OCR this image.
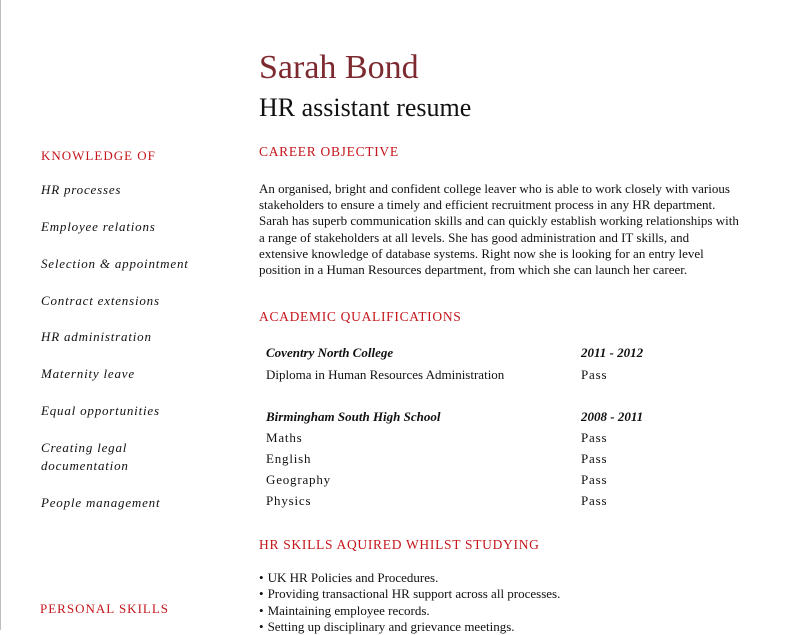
Sarah Bond
HR assistant resume
KNOWLEDGE OF
HR processes
Employee relations
Selection & appointment
Contract extensions
HR administration
Maternity leave
Equal opportunities
Creating legal documentation
People management
PERSONAL SKILLS
CAREER OBJECTIVE
An organised, bright and confident college leaver who is able to work closely with various stakeholders to ensure a timely and efficient recruitment process in any HR department. Sarah has superb communication skills and can quickly establish working relationships with a range of stakeholders at all levels. She has good administration and IT skills, and extensive knowledge of database systems. Right now she is looking for an entry level position in a Human Resources department, from which she can launch her career.
ACADEMIC QUALIFICATIONS
Coventry North College	2011 - 2012
Diploma in Human Resources Administration	Pass
Birmingham South High School	2008 - 2011
Maths	Pass
English	Pass
Geography	Pass
Physics	Pass
HR SKILLS AQUIRED WHILST STUDYING
• UK HR Policies and Procedures.
• Providing transactional HR support across all processes.
• Maintaining employee records.
• Setting up disciplinary and grievance meetings.
